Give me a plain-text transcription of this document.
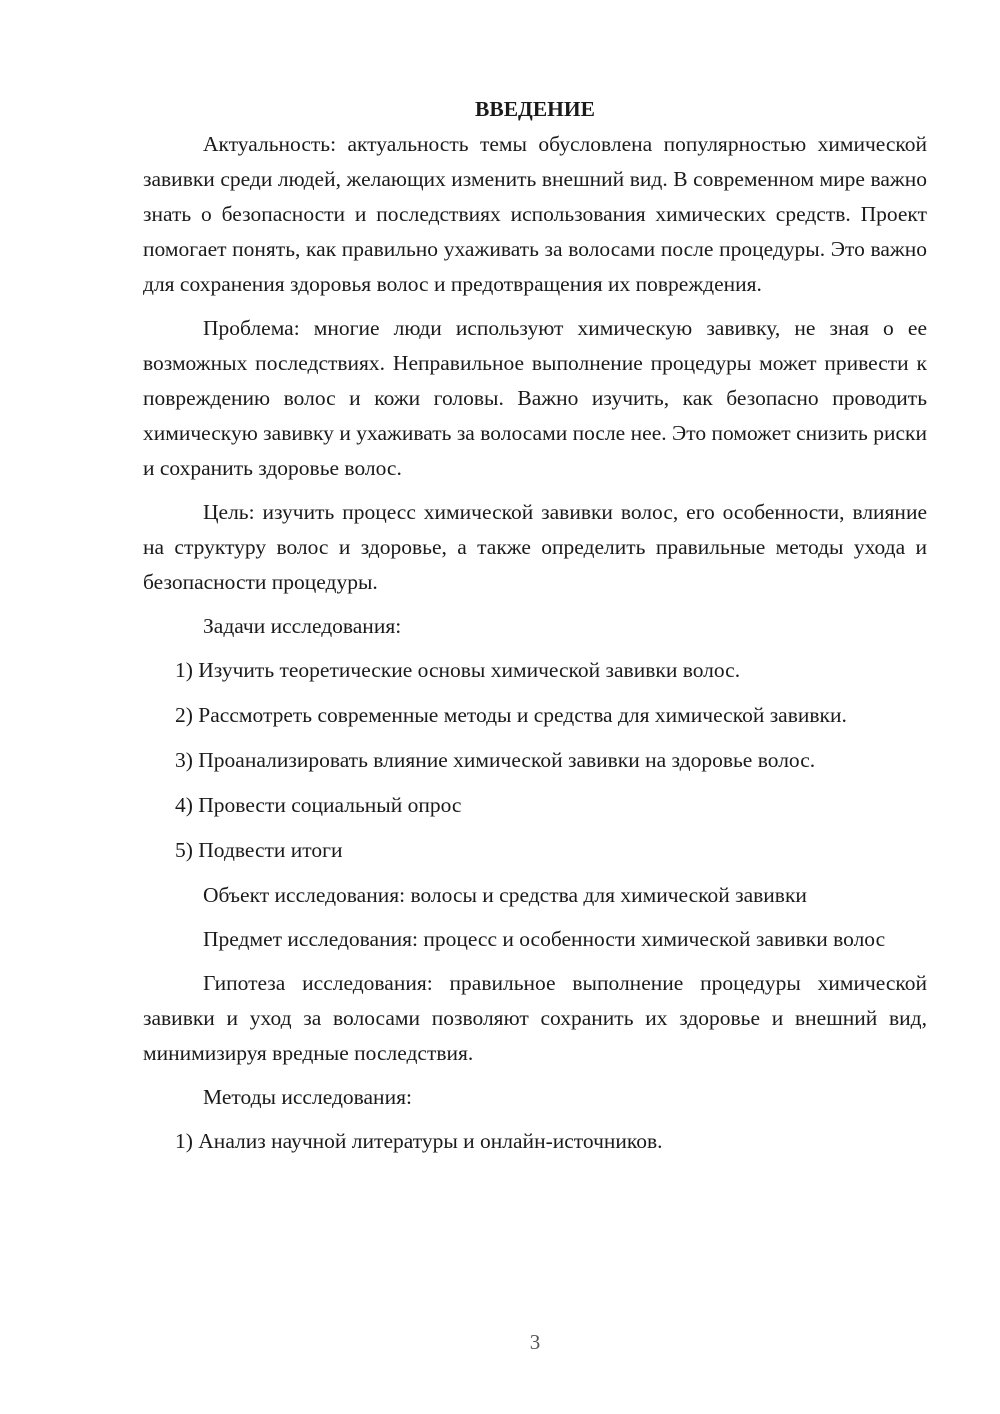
ВВЕДЕНИЕ

Актуальность: актуальность темы обусловлена популярностью химической завивки среди людей, желающих изменить внешний вид. В современном мире важно знать о безопасности и последствиях использования химических средств. Проект помогает понять, как правильно ухаживать за волосами после процедуры. Это важно для сохранения здоровья волос и предотвращения их повреждения.

Проблема: многие люди используют химическую завивку, не зная о ее возможных последствиях. Неправильное выполнение процедуры может привести к повреждению волос и кожи головы. Важно изучить, как безопасно проводить химическую завивку и ухаживать за волосами после нее. Это поможет снизить риски и сохранить здоровье волос.

Цель: изучить процесс химической завивки волос, его особенности, влияние на структуру волос и здоровье, а также определить правильные методы ухода и безопасности процедуры.

Задачи исследования:

1) Изучить теоретические основы химической завивки волос.

2) Рассмотреть современные методы и средства для химической завивки.

3) Проанализировать влияние химической завивки на здоровье волос.

4) Провести социальный опрос

5) Подвести итоги

Объект исследования: волосы и средства для химической завивки

Предмет исследования: процесс и особенности химической завивки волос

Гипотеза исследования: правильное выполнение процедуры химической завивки и уход за волосами позволяют сохранить их здоровье и внешний вид, минимизируя вредные последствия.

Методы исследования:

1) Анализ научной литературы и онлайн-источников.

3
